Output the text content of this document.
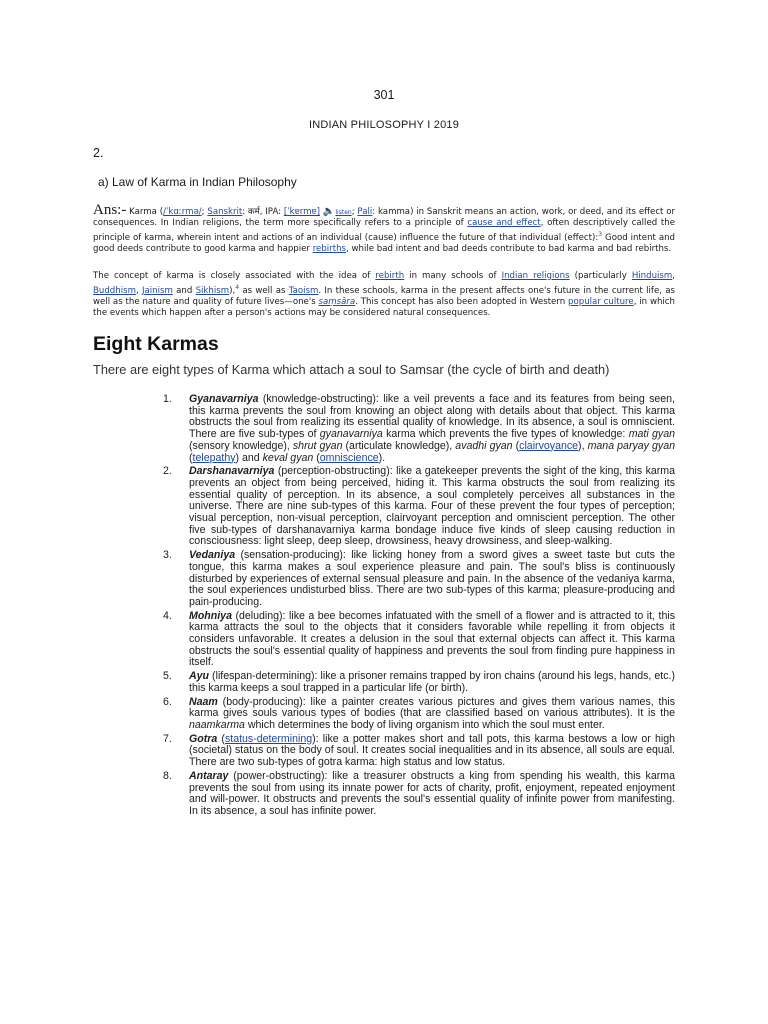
301
INDIAN PHILOSOPHY I 2019
2.
a) Law of Karma in Indian Philosophy
Ans:- Karma (/ˈkɑːrmə/; Sanskrit: कर्म, IPA: [ˈkɐrmɐ] 🔈listen; Pali: kamma) in Sanskrit means an action, work, or deed, and its effect or consequences. In Indian religions, the term more specifically refers to a principle of cause and effect, often descriptively called the principle of karma, wherein intent and actions of an individual (cause) influence the future of that individual (effect):$^3$ Good intent and good deeds contribute to good karma and happier rebirths, while bad intent and bad deeds contribute to bad karma and bad rebirths.
The concept of karma is closely associated with the idea of rebirth in many schools of Indian religions (particularly Hinduism, Buddhism, Jainism and Sikhism),$^4$ as well as Taoism. In these schools, karma in the present affects one's future in the current life, as well as the nature and quality of future lives—one's saṃsāra. This concept has also been adopted in Western popular culture, in which the events which happen after a person's actions may be considered natural consequences.
Eight Karmas
There are eight types of Karma which attach a soul to Samsar (the cycle of birth and death)
1. Gyanavarniya (knowledge-obstructing): like a veil prevents a face and its features from being seen, this karma prevents the soul from knowing an object along with details about that object. This karma obstructs the soul from realizing its essential quality of knowledge. In its absence, a soul is omniscient. There are five sub-types of gyanavarniya karma which prevents the five types of knowledge: mati gyan (sensory knowledge), shrut gyan (articulate knowledge), avadhi gyan (clairvoyance), mana paryay gyan (telepathy) and keval gyan (omniscience).
2. Darshanavarniya (perception-obstructing): like a gatekeeper prevents the sight of the king, this karma prevents an object from being perceived, hiding it. This karma obstructs the soul from realizing its essential quality of perception. In its absence, a soul completely perceives all substances in the universe. There are nine sub-types of this karma. Four of these prevent the four types of perception; visual perception, non-visual perception, clairvoyant perception and omniscient perception. The other five sub-types of darshanavarniya karma bondage induce five kinds of sleep causing reduction in consciousness: light sleep, deep sleep, drowsiness, heavy drowsiness, and sleep-walking.
3. Vedaniya (sensation-producing): like licking honey from a sword gives a sweet taste but cuts the tongue, this karma makes a soul experience pleasure and pain. The soul's bliss is continuously disturbed by experiences of external sensual pleasure and pain. In the absence of the vedaniya karma, the soul experiences undisturbed bliss. There are two sub-types of this karma; pleasure-producing and pain-producing.
4. Mohniya (deluding): like a bee becomes infatuated with the smell of a flower and is attracted to it, this karma attracts the soul to the objects that it considers favorable while repelling it from objects it considers unfavorable. It creates a delusion in the soul that external objects can affect it. This karma obstructs the soul's essential quality of happiness and prevents the soul from finding pure happiness in itself.
5. Ayu (lifespan-determining): like a prisoner remains trapped by iron chains (around his legs, hands, etc.) this karma keeps a soul trapped in a particular life (or birth).
6. Naam (body-producing): like a painter creates various pictures and gives them various names, this karma gives souls various types of bodies (that are classified based on various attributes). It is the naamkarma which determines the body of living organism into which the soul must enter.
7. Gotra (status-determining): like a potter makes short and tall pots, this karma bestows a low or high (societal) status on the body of soul. It creates social inequalities and in its absence, all souls are equal. There are two sub-types of gotra karma: high status and low status.
8. Antaray (power-obstructing): like a treasurer obstructs a king from spending his wealth, this karma prevents the soul from using its innate power for acts of charity, profit, enjoyment, repeated enjoyment and will-power. It obstructs and prevents the soul's essential quality of infinite power from manifesting. In its absence, a soul has infinite power.
